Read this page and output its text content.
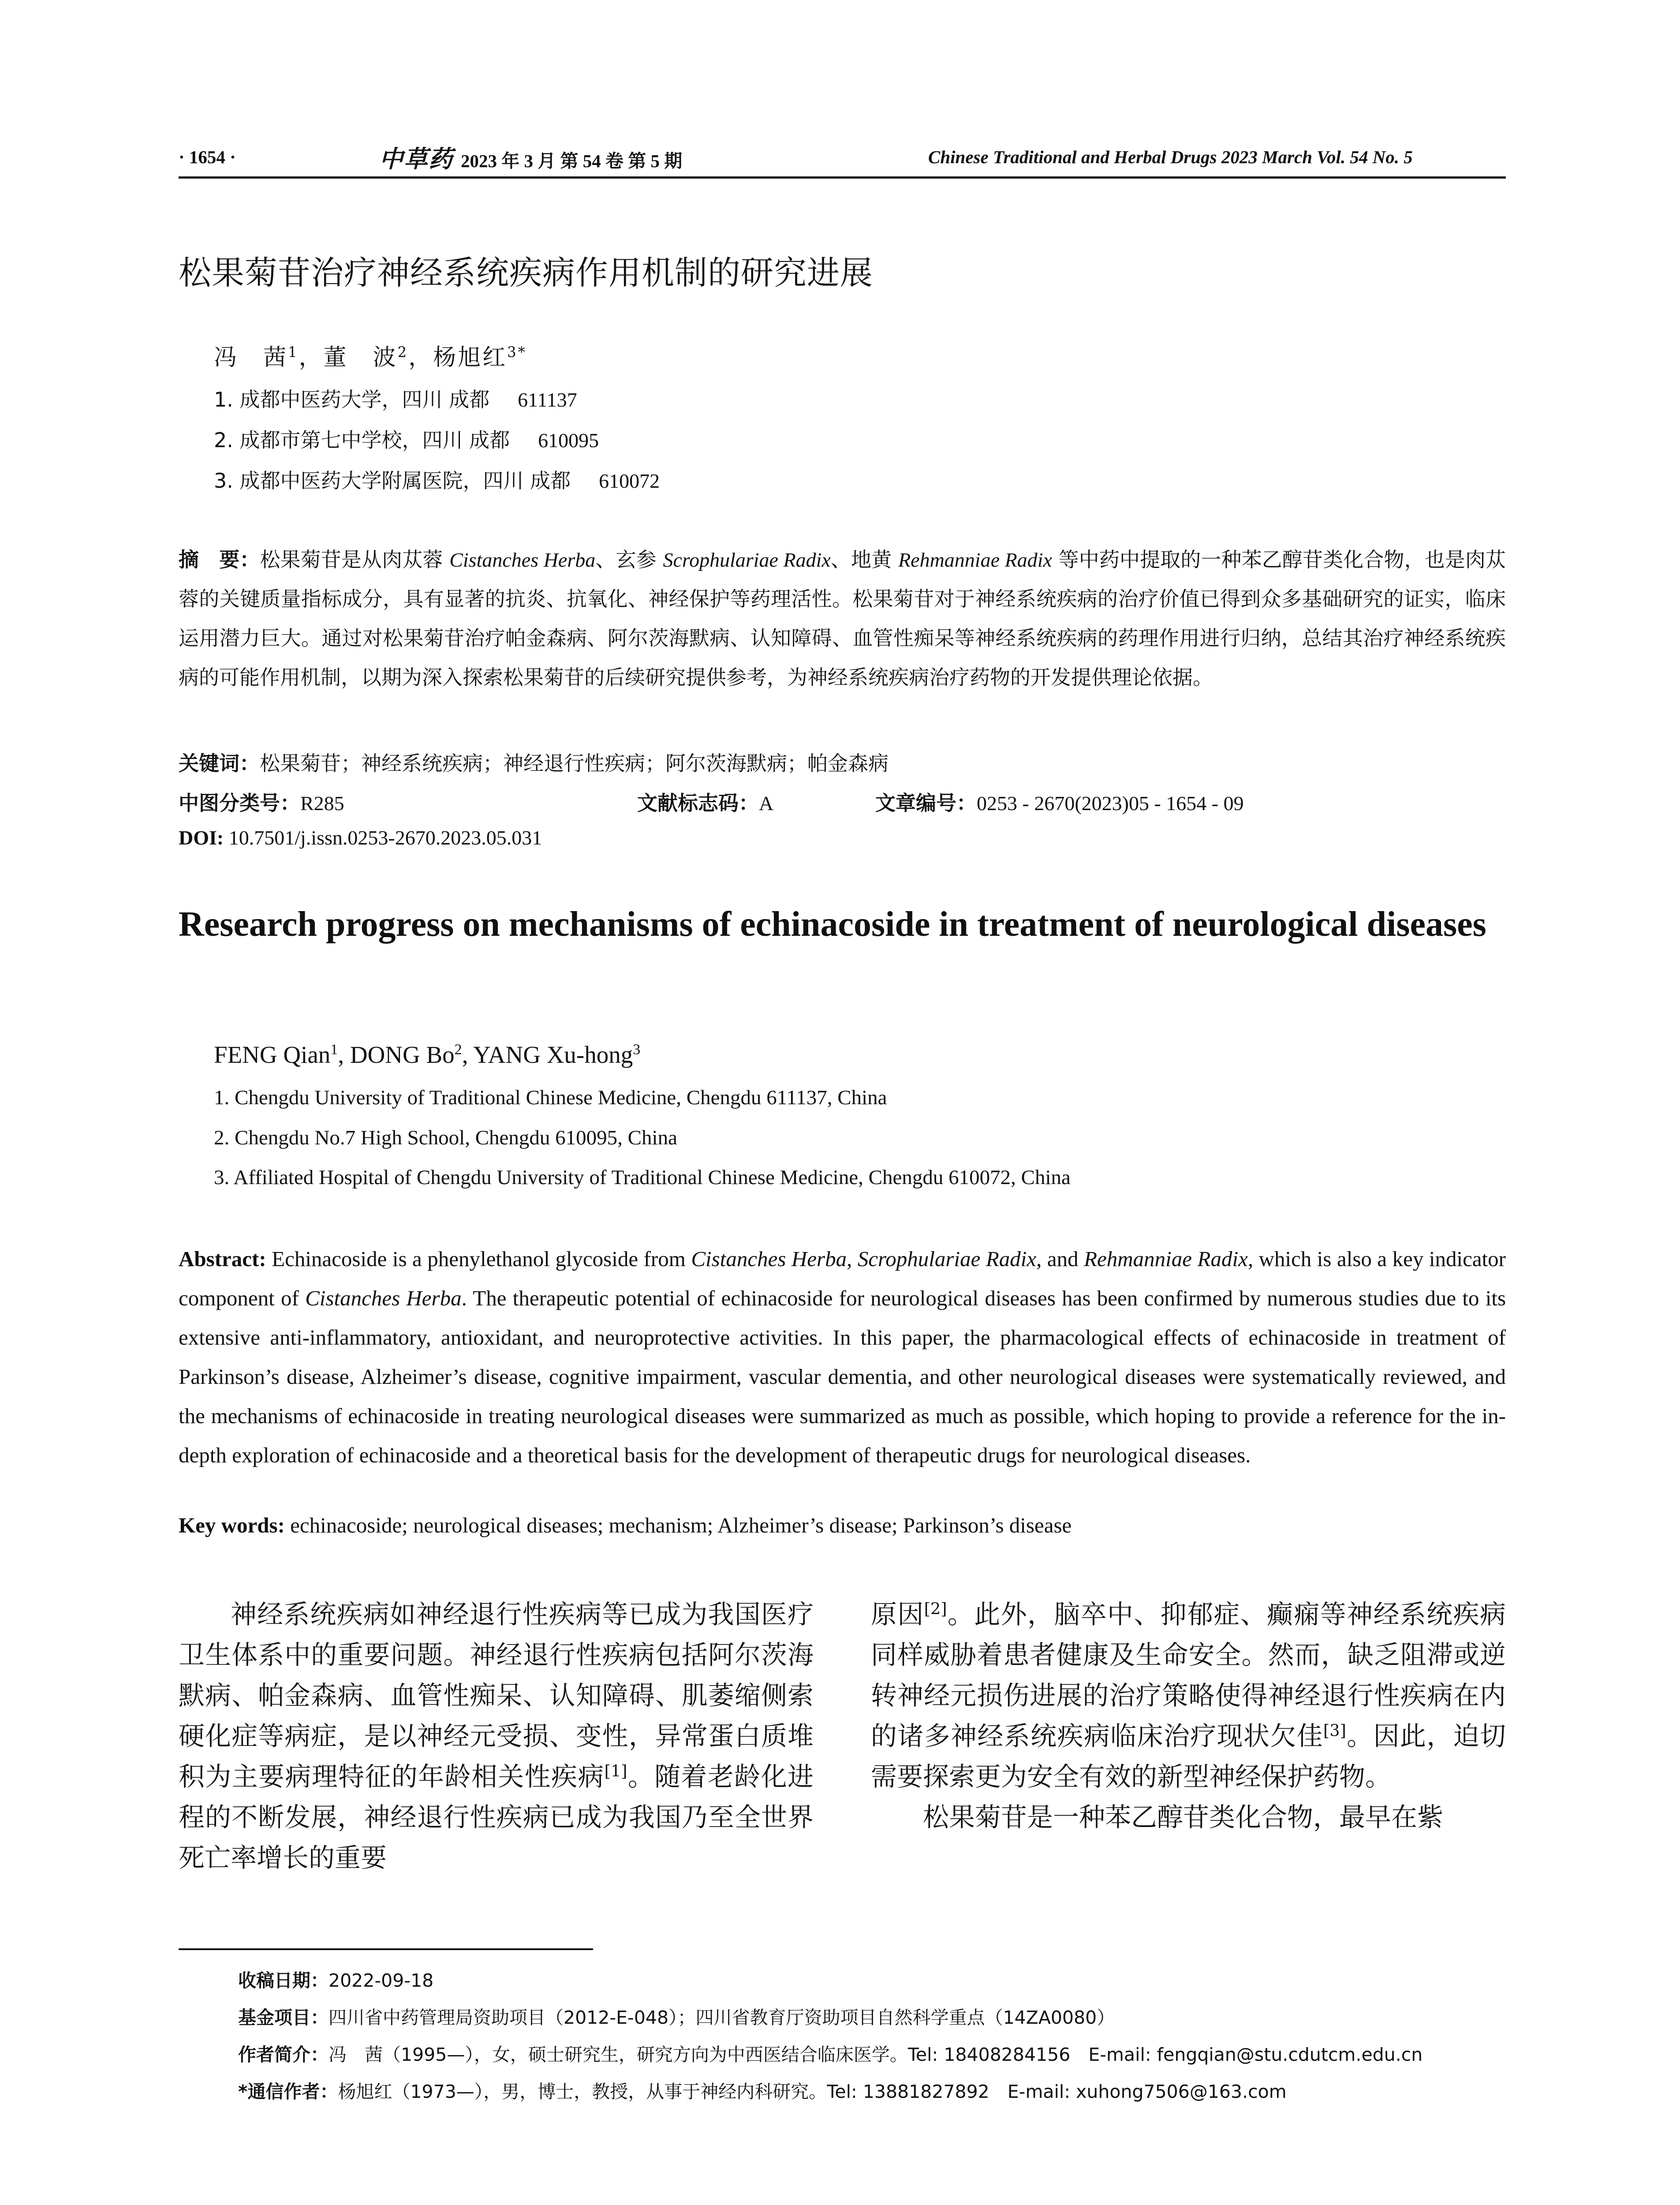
· 1654 ·	中草药 2023 年 3 月 第 54 卷 第 5 期	Chinese Traditional and Herbal Drugs 2023 March Vol. 54 No. 5
松果菊苷治疗神经系统疾病作用机制的研究进展
冯　茜$^1$，董　波$^2$，杨旭红$^{3*}$
1. 成都中医药大学，四川 成都 611137
2. 成都市第七中学校，四川 成都 610095
3. 成都中医药大学附属医院，四川 成都 610072
摘　要：松果菊苷是从肉苁蓉 Cistanches Herba、玄参 Scrophulariae Radix、地黄 Rehmanniae Radix 等中药中提取的一种苯乙醇苷类化合物，也是肉苁蓉的关键质量指标成分，具有显著的抗炎、抗氧化、神经保护等药理活性。松果菊苷对于神经系统疾病的治疗价值已得到众多基础研究的证实，临床运用潜力巨大。通过对松果菊苷治疗帕金森病、阿尔茨海默病、认知障碍、血管性痴呆等神经系统疾病的药理作用进行归纳，总结其治疗神经系统疾病的可能作用机制，以期为深入探索松果菊苷的后续研究提供参考，为神经系统疾病治疗药物的开发提供理论依据。
关键词：松果菊苷；神经系统疾病；神经退行性疾病；阿尔茨海默病；帕金森病
中图分类号：R285	文献标志码：A	文章编号：0253 - 2670(2023)05 - 1654 - 09
DOI: 10.7501/j.issn.0253-2670.2023.05.031
Research progress on mechanisms of echinacoside in treatment of neurological diseases
FENG Qian$^1$, DONG Bo$^2$, YANG Xu-hong$^3$
1. Chengdu University of Traditional Chinese Medicine, Chengdu 611137, China
2. Chengdu No.7 High School, Chengdu 610095, China
3. Affiliated Hospital of Chengdu University of Traditional Chinese Medicine, Chengdu 610072, China
Abstract: Echinacoside is a phenylethanol glycoside from Cistanches Herba, Scrophulariae Radix, and Rehmanniae Radix, which is also a key indicator component of Cistanches Herba. The therapeutic potential of echinacoside for neurological diseases has been confirmed by numerous studies due to its extensive anti-inflammatory, antioxidant, and neuroprotective activities. In this paper, the pharmacological effects of echinacoside in treatment of Parkinson’s disease, Alzheimer’s disease, cognitive impairment, vascular dementia, and other neurological diseases were systematically reviewed, and the mechanisms of echinacoside in treating neurological diseases were summarized as much as possible, which hoping to provide a reference for the in-depth exploration of echinacoside and a theoretical basis for the development of therapeutic drugs for neurological diseases.
Key words: echinacoside; neurological diseases; mechanism; Alzheimer’s disease; Parkinson’s disease

神经系统疾病如神经退行性疾病等已成为我国医疗卫生体系中的重要问题。神经退行性疾病包括阿尔茨海默病、帕金森病、血管性痴呆、认知障碍、肌萎缩侧索硬化症等病症，是以神经元受损、变性，异常蛋白质堆积为主要病理特征的年龄相关性疾病[1]。随着老龄化进程的不断发展，神经退行性疾病已成为我国乃至全世界死亡率增长的重要

原因[2]。此外，脑卒中、抑郁症、癫痫等神经系统疾病同样威胁着患者健康及生命安全。然而，缺乏阻滞或逆转神经元损伤进展的治疗策略使得神经退行性疾病在内的诸多神经系统疾病临床治疗现状欠佳[3]。因此，迫切需要探索更为安全有效的新型神经保护药物。

松果菊苷是一种苯乙醇苷类化合物，最早在紫

收稿日期：2022-09-18
基金项目：四川省中药管理局资助项目（2012-E-048）；四川省教育厅资助项目自然科学重点（14ZA0080）
作者简介：冯　茜（1995—），女，硕士研究生，研究方向为中西医结合临床医学。Tel: 18408284156　E-mail: fengqian@stu.cdutcm.edu.cn
*通信作者：杨旭红（1973—），男，博士，教授，从事于神经内科研究。Tel: 13881827892　E-mail: xuhong7506@163.com
